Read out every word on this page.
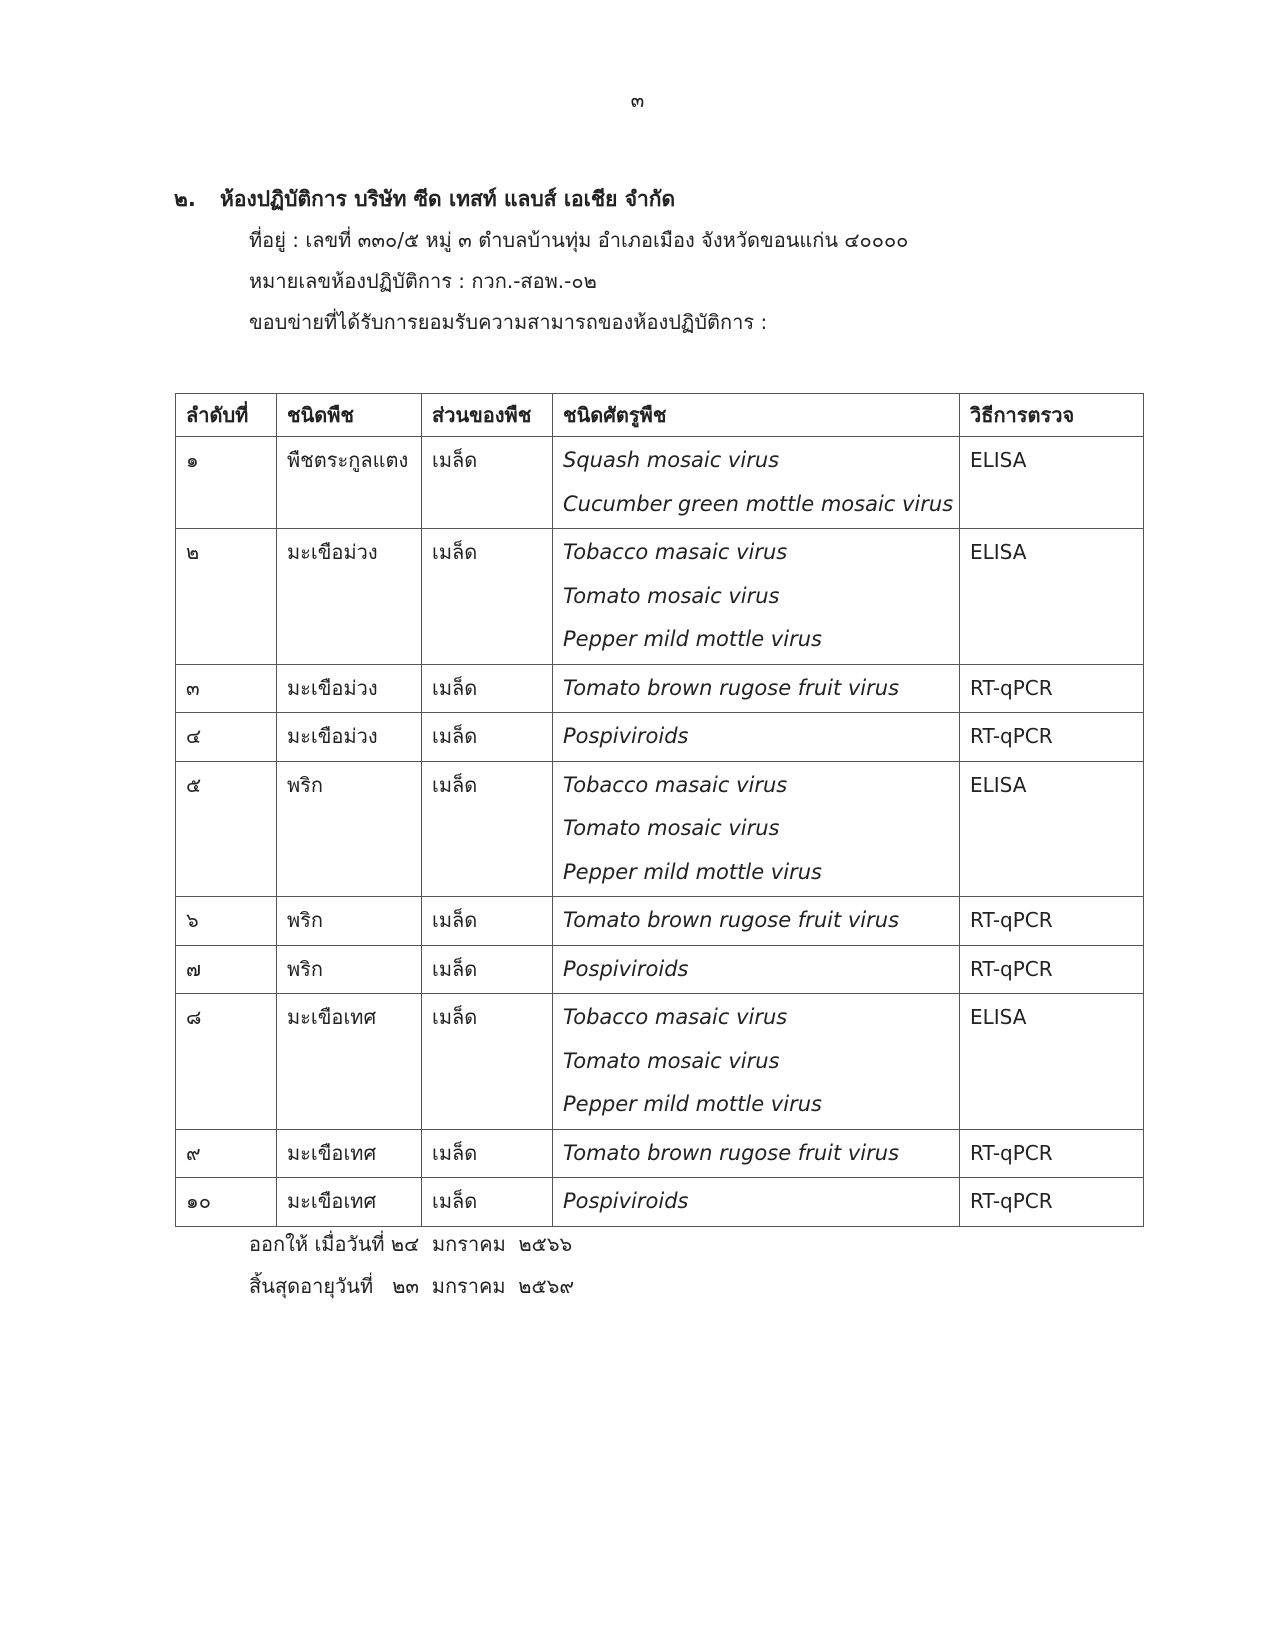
๓
๒. ห้องปฏิบัติการ บริษัท ซีด เทสท์ แลบส์ เอเชีย จำกัด
ที่อยู่ : เลขที่ ๓๓๐/๕ หมู่ ๓ ตำบลบ้านทุ่ม อำเภอเมือง จังหวัดขอนแก่น ๔๐๐๐๐
หมายเลขห้องปฏิบัติการ : กวก.-สอพ.-๐๒
ขอบข่ายที่ได้รับการยอมรับความสามารถของห้องปฏิบัติการ :
ลำดับที่	ชนิดพืช	ส่วนของพืช	ชนิดศัตรูพืช	วิธีการตรวจ

๑	พืชตระกูลแตง	เมล็ด	Squash mosaic virus
Cucumber green mottle mosaic virus	ELISA

๒	มะเขือม่วง	เมล็ด	Tobacco masaic virus
Tomato mosaic virus
Pepper mild mottle virus	ELISA

๓	มะเขือม่วง	เมล็ด	Tomato brown rugose fruit virus	RT-qPCR

๔	มะเขือม่วง	เมล็ด	Pospiviroids	RT-qPCR

๕	พริก	เมล็ด	Tobacco masaic virus
Tomato mosaic virus
Pepper mild mottle virus	ELISA

๖	พริก	เมล็ด	Tomato brown rugose fruit virus	RT-qPCR

๗	พริก	เมล็ด	Pospiviroids	RT-qPCR

๘	มะเขือเทศ	เมล็ด	Tobacco masaic virus
Tomato mosaic virus
Pepper mild mottle virus	ELISA

๙	มะเขือเทศ	เมล็ด	Tomato brown rugose fruit virus	RT-qPCR

๑๐	มะเขือเทศ	เมล็ด	Pospiviroids	RT-qPCR
ออกให้ เมื่อวันที่ ๒๔  มกราคม  ๒๕๖๖
สิ้นสุดอายุวันที่   ๒๓  มกราคม  ๒๕๖๙
